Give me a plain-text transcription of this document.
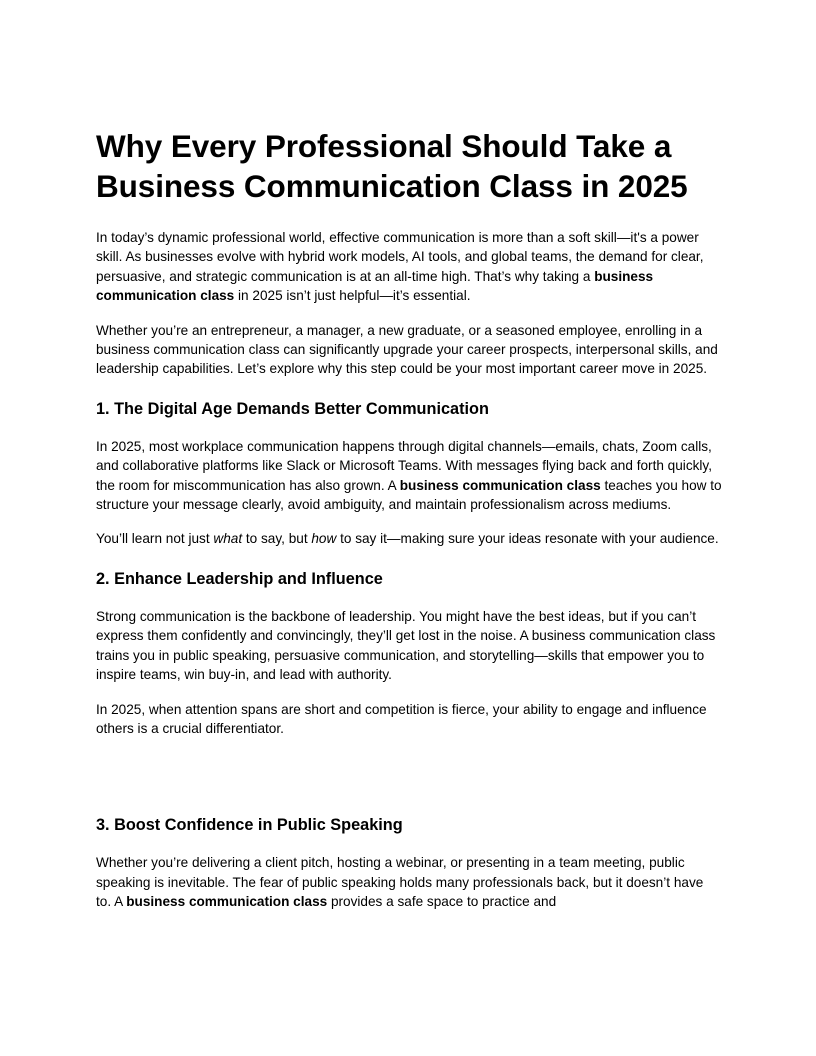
Why Every Professional Should Take a Business Communication Class in 2025

In today’s dynamic professional world, effective communication is more than a soft skill—it's a power skill. As businesses evolve with hybrid work models, AI tools, and global teams, the demand for clear, persuasive, and strategic communication is at an all-time high. That’s why taking a business communication class in 2025 isn’t just helpful—it’s essential.

Whether you’re an entrepreneur, a manager, a new graduate, or a seasoned employee, enrolling in a business communication class can significantly upgrade your career prospects, interpersonal skills, and leadership capabilities. Let’s explore why this step could be your most important career move in 2025.

1. The Digital Age Demands Better Communication

In 2025, most workplace communication happens through digital channels—emails, chats, Zoom calls, and collaborative platforms like Slack or Microsoft Teams. With messages flying back and forth quickly, the room for miscommunication has also grown. A business communication class teaches you how to structure your message clearly, avoid ambiguity, and maintain professionalism across mediums.

You’ll learn not just what to say, but how to say it—making sure your ideas resonate with your audience.

2. Enhance Leadership and Influence

Strong communication is the backbone of leadership. You might have the best ideas, but if you can’t express them confidently and convincingly, they’ll get lost in the noise. A business communication class trains you in public speaking, persuasive communication, and storytelling—skills that empower you to inspire teams, win buy-in, and lead with authority.

In 2025, when attention spans are short and competition is fierce, your ability to engage and influence others is a crucial differentiator.

3. Boost Confidence in Public Speaking

Whether you’re delivering a client pitch, hosting a webinar, or presenting in a team meeting, public speaking is inevitable. The fear of public speaking holds many professionals back, but it doesn’t have to. A business communication class provides a safe space to practice and
